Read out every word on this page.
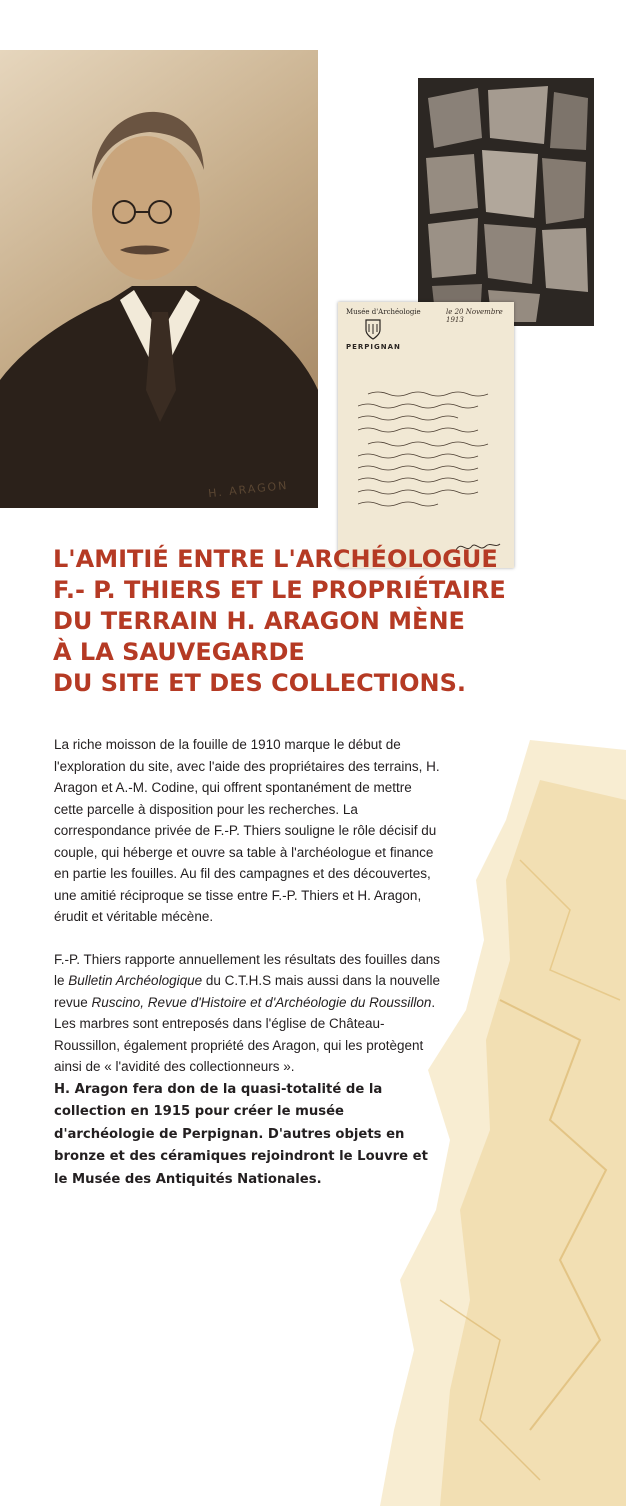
H. ARAGON
Musée d'Archéologie	le 20 Novembre 1913
PERPIGNAN
L'AMITIÉ ENTRE L'ARCHÉOLOGUE
F.- P. THIERS ET LE PROPRIÉTAIRE
DU TERRAIN H. ARAGON MÈNE
À LA SAUVEGARDE
DU SITE ET DES COLLECTIONS.

La riche moisson de la fouille de 1910 marque le début de l'exploration du site, avec l'aide des propriétaires des terrains, H. Aragon et A.-M. Codine, qui offrent spontanément de mettre cette parcelle à disposition pour les recherches. La correspondance privée de F.-P. Thiers souligne le rôle décisif du couple, qui héberge et ouvre sa table à l'archéologue et finance en partie les fouilles. Au fil des campagnes et des découvertes, une amitié réciproque se tisse entre F.-P. Thiers et H. Aragon, érudit et véritable mécène.

F.-P. Thiers rapporte annuellement les résultats des fouilles dans le Bulletin Archéologique du C.T.H.S mais aussi dans la nouvelle revue Ruscino, Revue d'Histoire et d'Archéologie du Roussillon. Les marbres sont entreposés dans l'église de Château-Roussillon, également propriété des Aragon, qui les protègent ainsi de « l'avidité des collectionneurs ».
H. Aragon fera don de la quasi-totalité de la collection en 1915 pour créer le musée d'archéologie de Perpignan. D'autres objets en bronze et des céramiques rejoindront le Louvre et le Musée des Antiquités Nationales.
